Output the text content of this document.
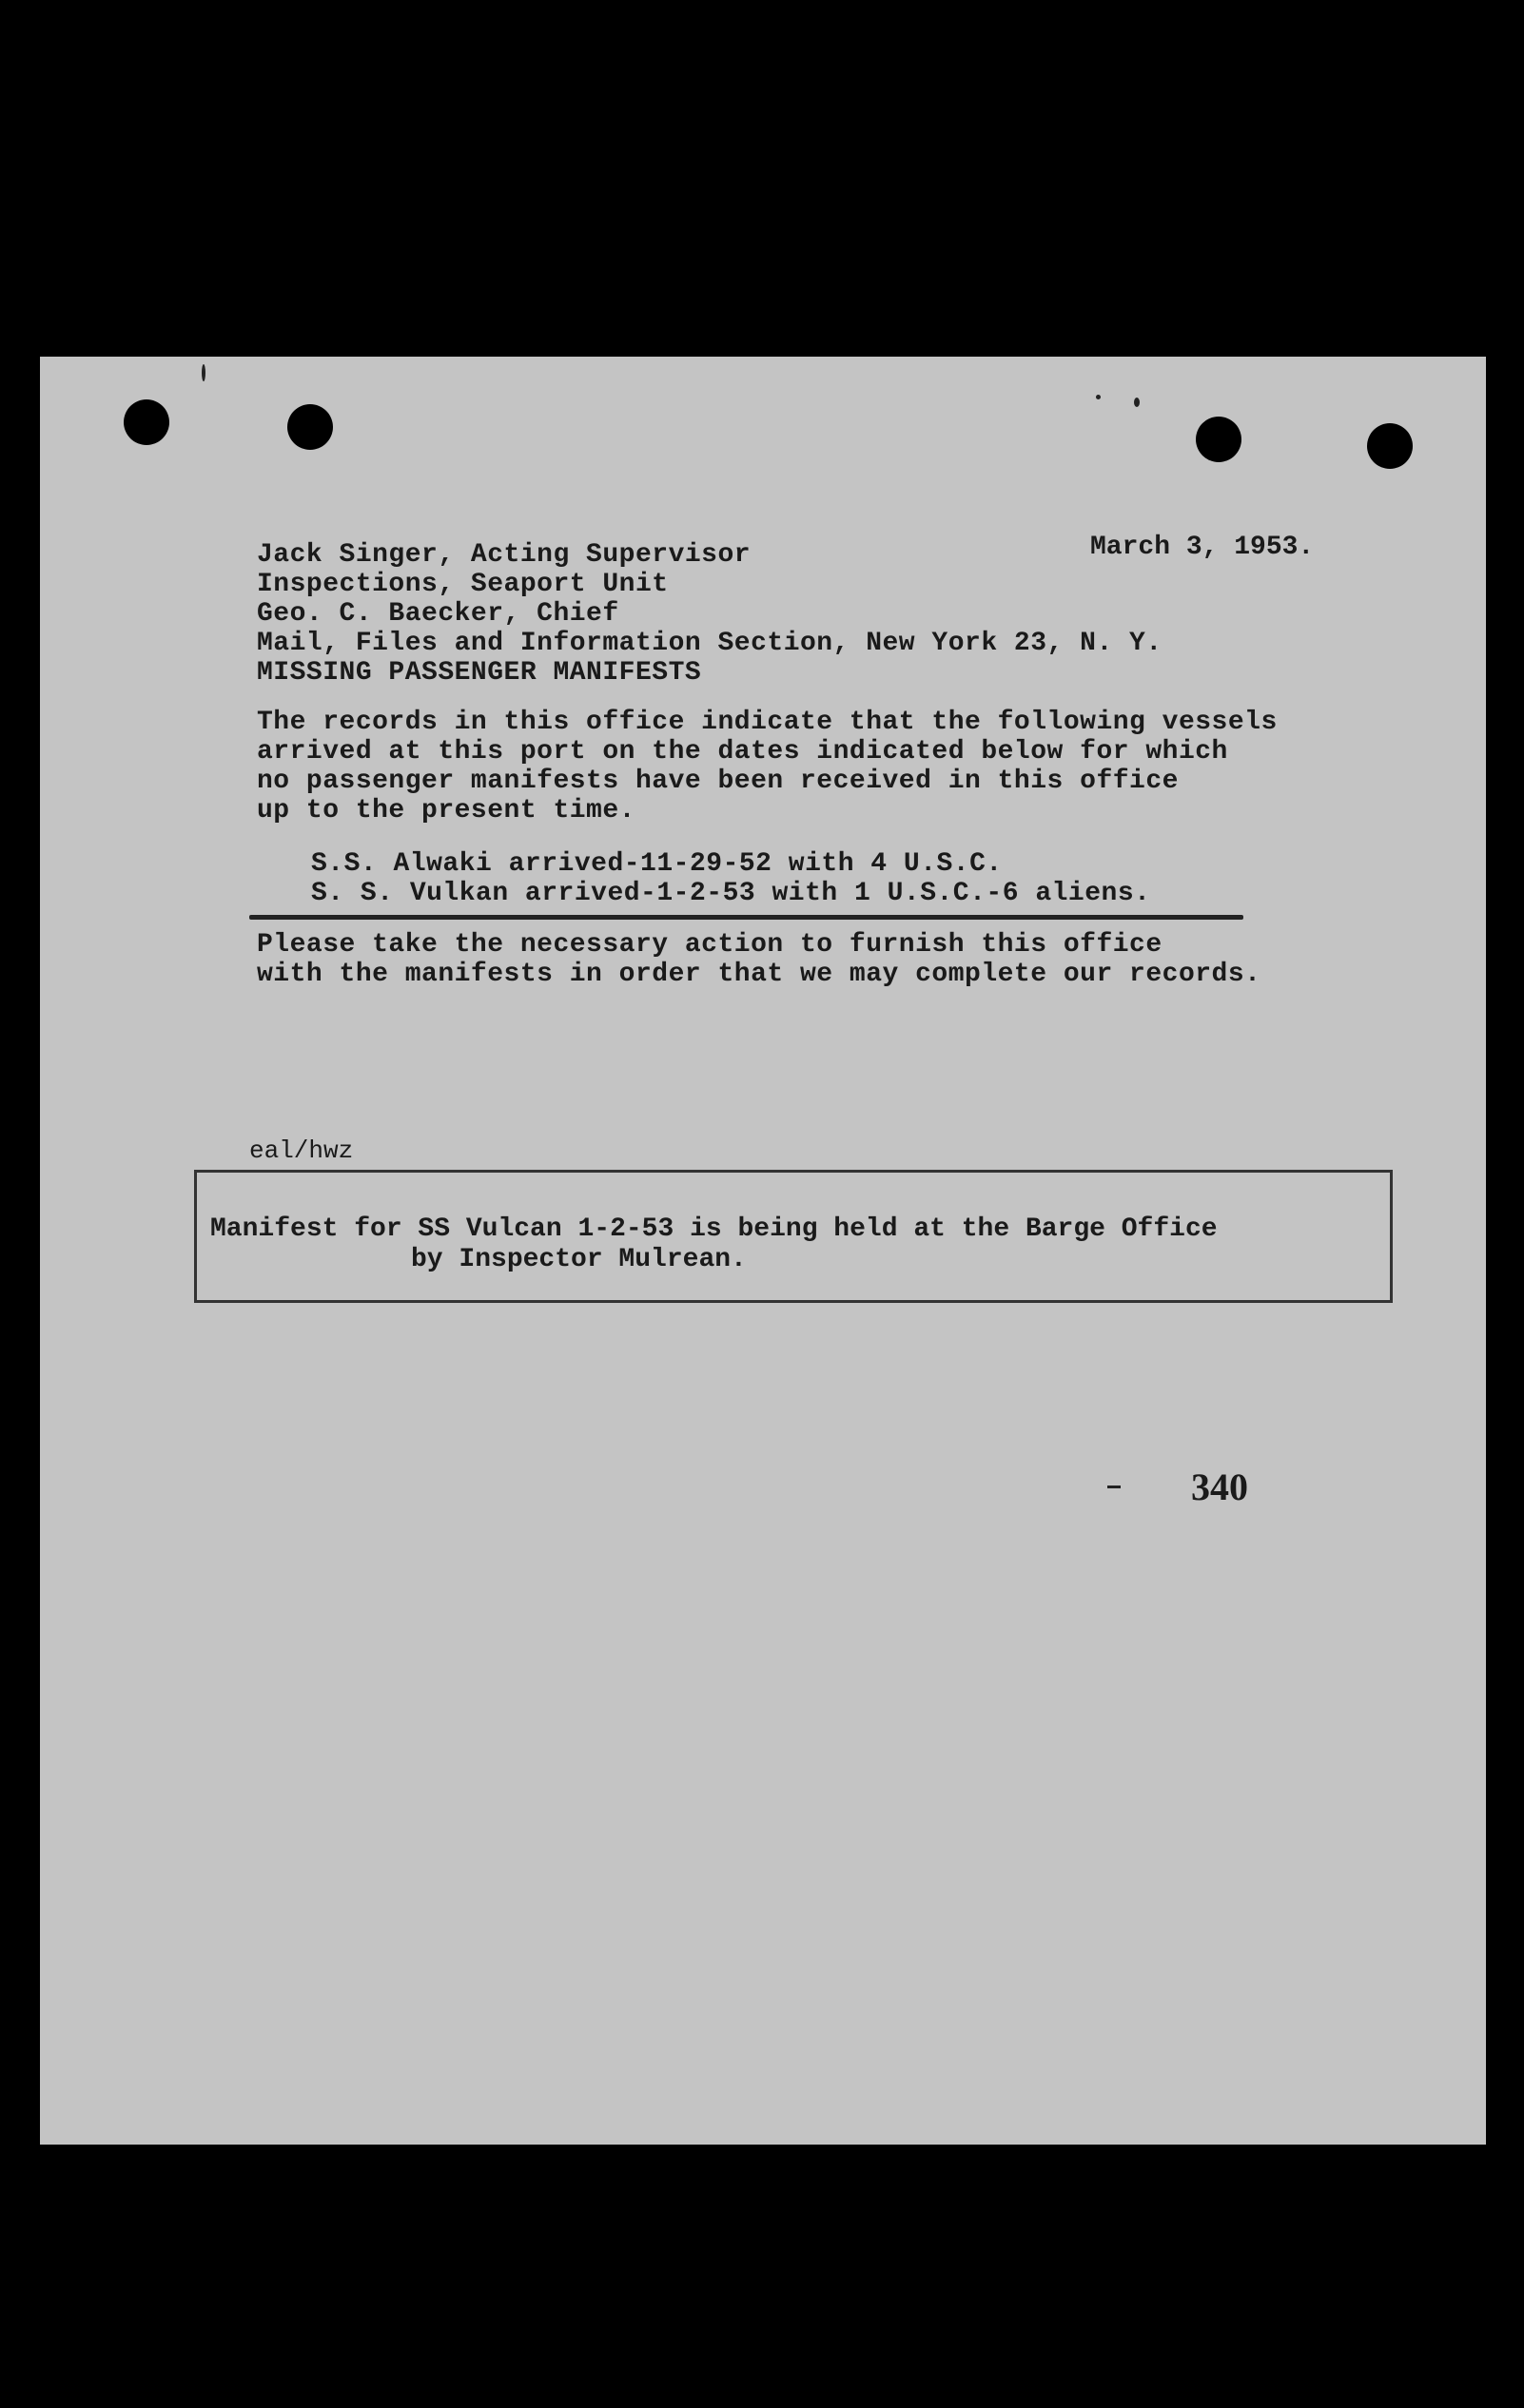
March 3, 1953.
Jack Singer, Acting Supervisor
Inspections, Seaport Unit
Geo. C. Baecker, Chief
Mail, Files and Information Section, New York 23, N. Y.
MISSING PASSENGER MANIFESTS
The records in this office indicate that the following vessels
arrived at this port on the dates indicated below for which
no passenger manifests have been received in this office
up to the present time.
S.S. Alwaki arrived-11-29-52 with 4 U.S.C.
S. S. Vulkan arrived-1-2-53 with 1 U.S.C.-6 aliens.
Please take the necessary action to furnish this office
with the manifests in order that we may complete our records.
eal/hwz
Manifest for SS Vulcan 1-2-53 is being held at the Barge Office
by Inspector Mulrean.
340
